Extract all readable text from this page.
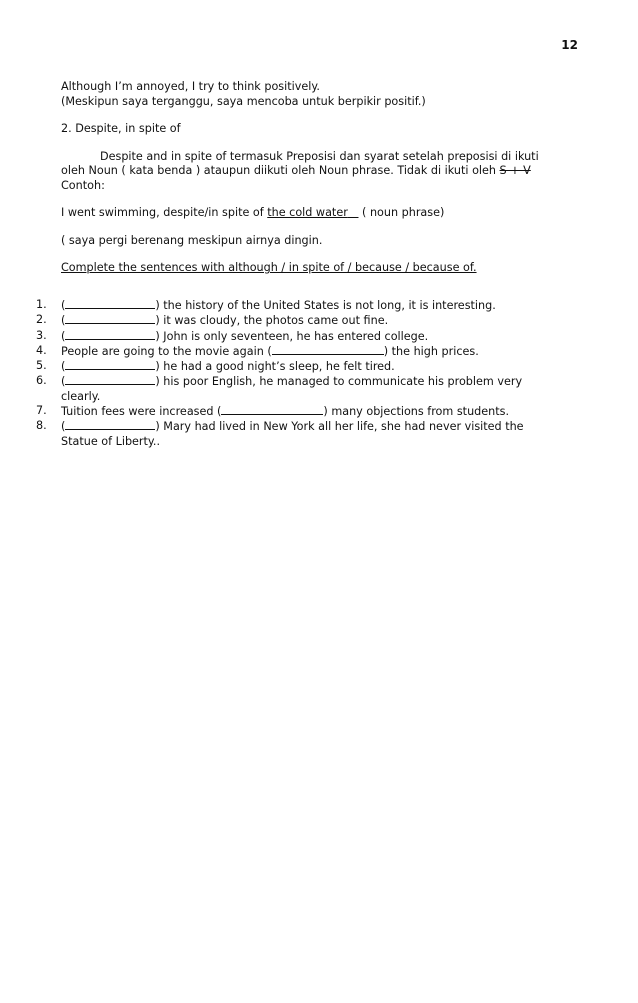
12
Although I’m annoyed, I try to think positively.
(Meskipun saya terganggu, saya mencoba untuk berpikir positif.)
2. Despite, in spite of
Despite and in spite of termasuk Preposisi dan syarat setelah preposisi di ikuti
oleh Noun ( kata benda ) ataupun diikuti oleh Noun phrase. Tidak di ikuti oleh S + V
Contoh:
I went swimming, despite/in spite of the cold water    ( noun phrase)
( saya pergi berenang meskipun airnya dingin.
Complete the sentences with although / in spite of / because / because of.
1. (	) the history of the United States is not long, it is interesting.
2. (	) it was cloudy, the photos came out fine.
3. (	) John is only seventeen, he has entered college.
4. People are going to the movie again (	) the high prices.
5. (	) he had a good night’s sleep, he felt tired.
6. (	) his poor English, he managed to communicate his problem very clearly.
7. Tuition fees were increased (	) many objections from students.
8. (	) Mary had lived in New York all her life, she had never visited the Statue of Liberty..
